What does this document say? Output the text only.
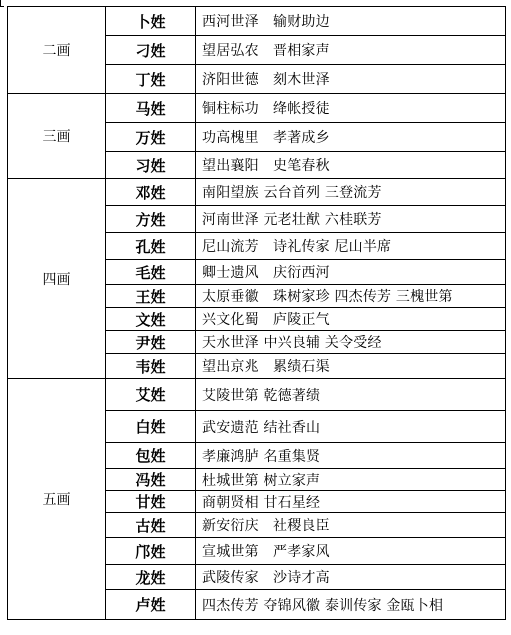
二画	卜姓	西河世泽　输财助边
	刁姓	望居弘农　晋相家声
	丁姓	济阳世德　刻木世泽
三画	马姓	铜柱标功　绛帐授徒
	万姓	功高槐里　孝著成乡
	习姓	望出襄阳　史笔春秋
四画	邓姓	南阳望族 云台首列 三登流芳
	方姓	河南世泽 元老壮猷 六桂联芳
	孔姓	尼山流芳　诗礼传家 尼山半席
	毛姓	卿士遗风　庆衍西河
	王姓	太原垂徽　珠树家珍 四杰传芳 三槐世第
	文姓	兴文化蜀　庐陵正气
	尹姓	天水世泽 中兴良辅 关令受经
	韦姓	望出京兆　累绩石渠
五画	艾姓	艾陵世第 乾德著绩
	白姓	武安遗范 结社香山
	包姓	孝廉鸿胪 名重集贤
	冯姓	杜城世第 树立家声
	甘姓	商朝贤相 甘石星经
	古姓	新安衍庆　社稷良臣
	邝姓	宣城世第　严孝家风
	龙姓	武陵传家　沙诗才高
	卢姓	四杰传芳 夺锦风徽 泰训传家 金瓯卜相
